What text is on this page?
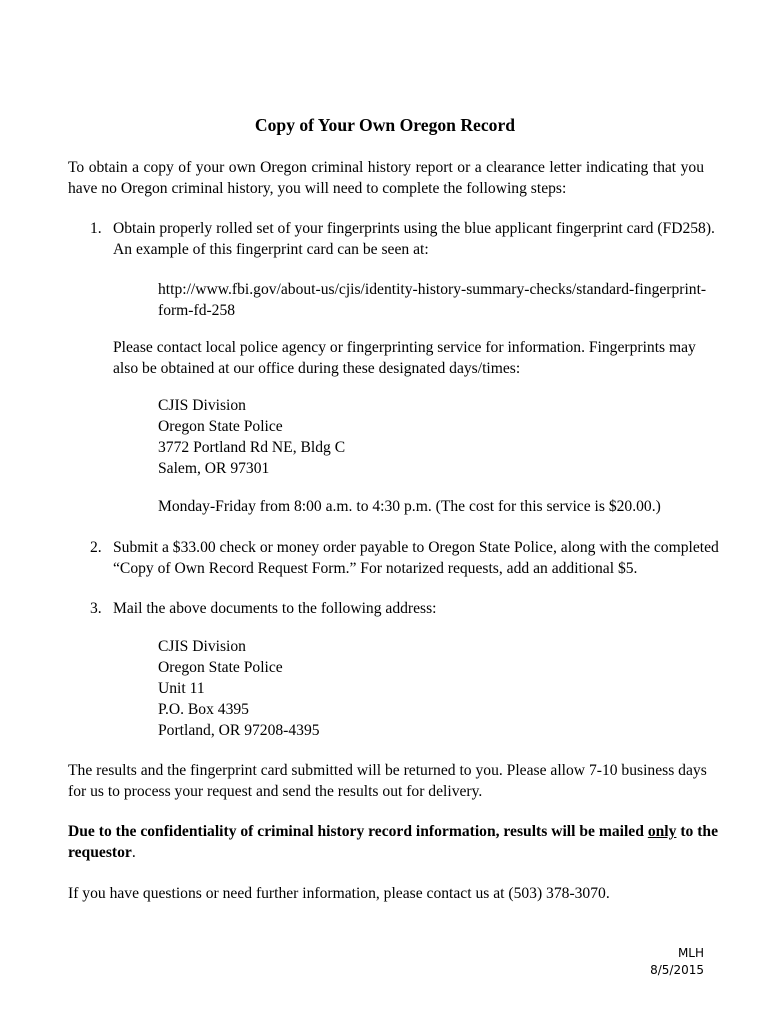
Copy of Your Own Oregon Record

To obtain a copy of your own Oregon criminal history report or a clearance letter indicating that you have no Oregon criminal history, you will need to complete the following steps:

1. Obtain properly rolled set of your fingerprints using the blue applicant fingerprint card (FD258).
An example of this fingerprint card can be seen at:
http://www.fbi.gov/about-us/cjis/identity-history-summary-checks/standard-fingerprint-
form-fd-258
Please contact local police agency or fingerprinting service for information. Fingerprints may
also be obtained at our office during these designated days/times:
CJIS Division
Oregon State Police
3772 Portland Rd NE, Bldg C
Salem, OR 97301
Monday-Friday from 8:00 a.m. to 4:30 p.m. (The cost for this service is $20.00.)
2. Submit a $33.00 check or money order payable to Oregon State Police, along with the completed
“Copy of Own Record Request Form.” For notarized requests, add an additional $5.
3. Mail the above documents to the following address:
CJIS Division
Oregon State Police
Unit 11
P.O. Box 4395
Portland, OR 97208-4395
The results and the fingerprint card submitted will be returned to you. Please allow 7-10 business days
for us to process your request and send the results out for delivery.
Due to the confidentiality of criminal history record information, results will be mailed only to the
requestor.
If you have questions or need further information, please contact us at (503) 378-3070.
MLH
8/5/2015
